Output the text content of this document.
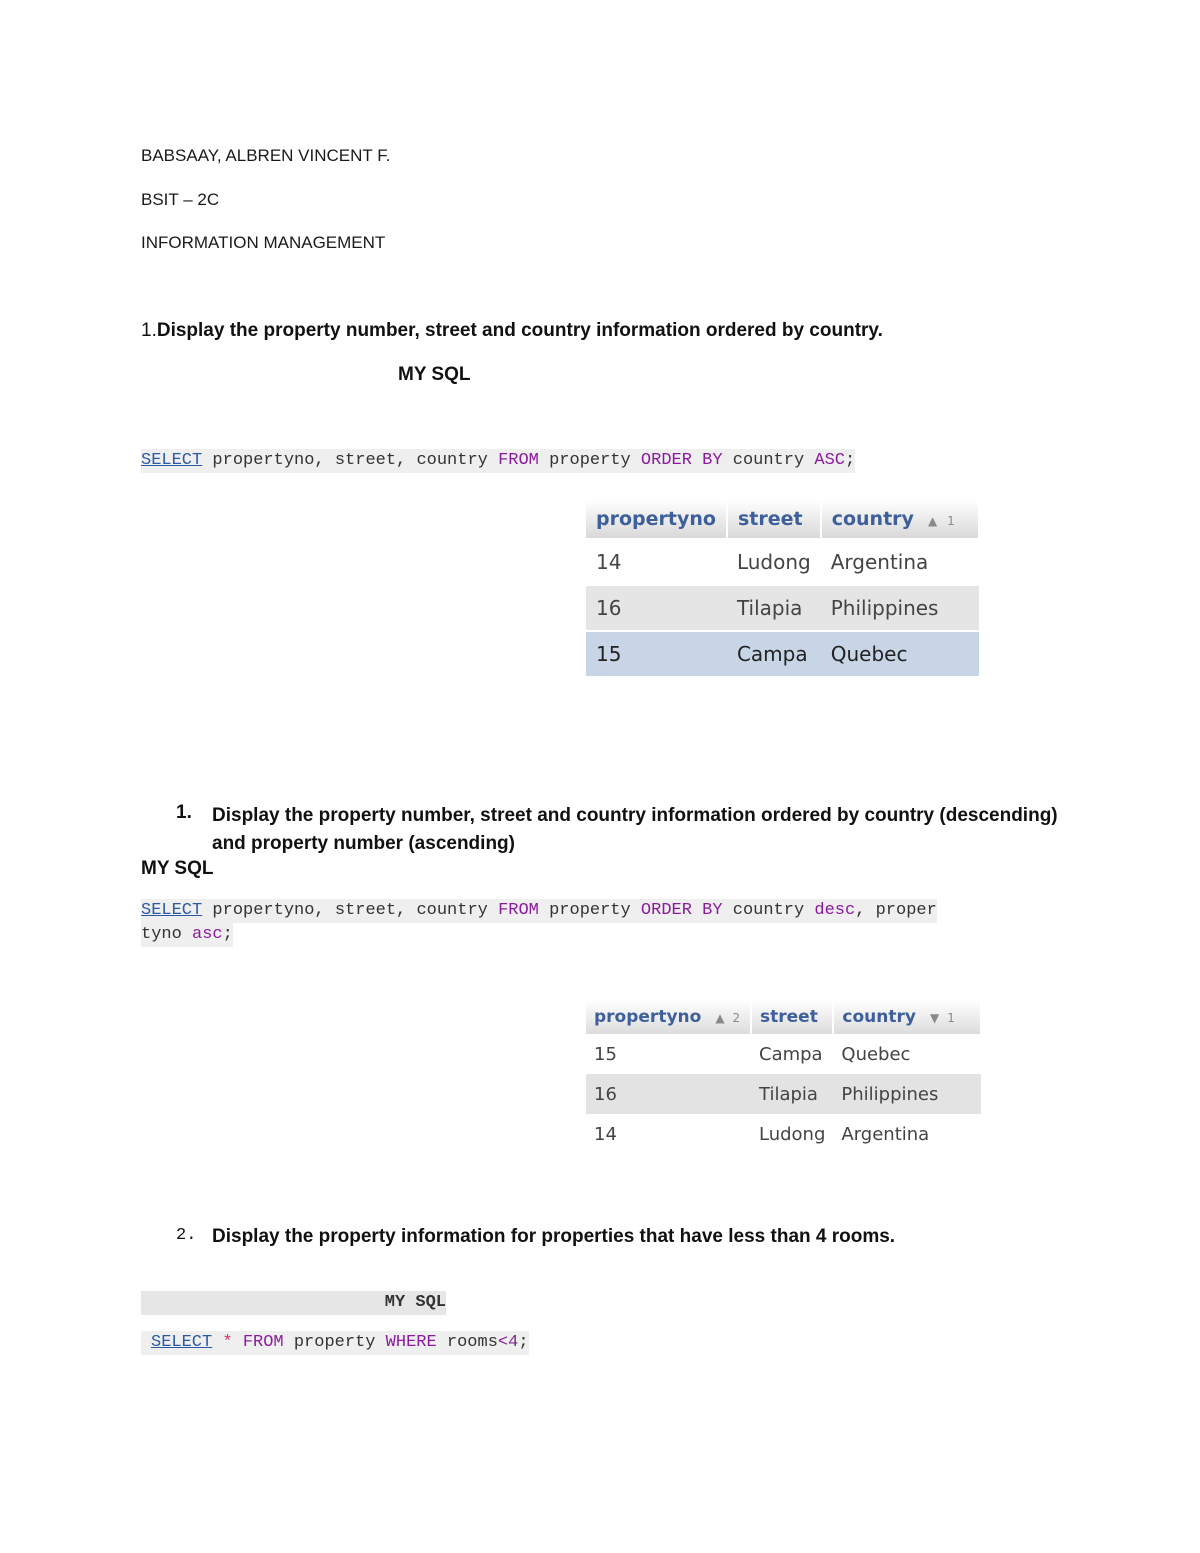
BABSAAY, ALBREN VINCENT F.
BSIT – 2C
INFORMATION MANAGEMENT
1.Display the property number, street and country information ordered by country.
MY SQL
SELECT propertyno, street, country FROM property ORDER BY country ASC;
propertyno	street	country ▲ 1
14	Ludong	Argentina
16	Tilapia	Philippines
15	Campa	Quebec
1. Display the property number, street and country information ordered by country (descending)
and property number (ascending)
MY SQL
SELECT propertyno, street, country FROM property ORDER BY country desc, proper
tyno asc;
propertyno ▲ 2	street	country ▼ 1
15	Campa	Quebec
16	Tilapia	Philippines
14	Ludong	Argentina
2. Display the property information for properties that have less than 4 rooms.
MY SQL
SELECT * FROM property WHERE rooms<4;
